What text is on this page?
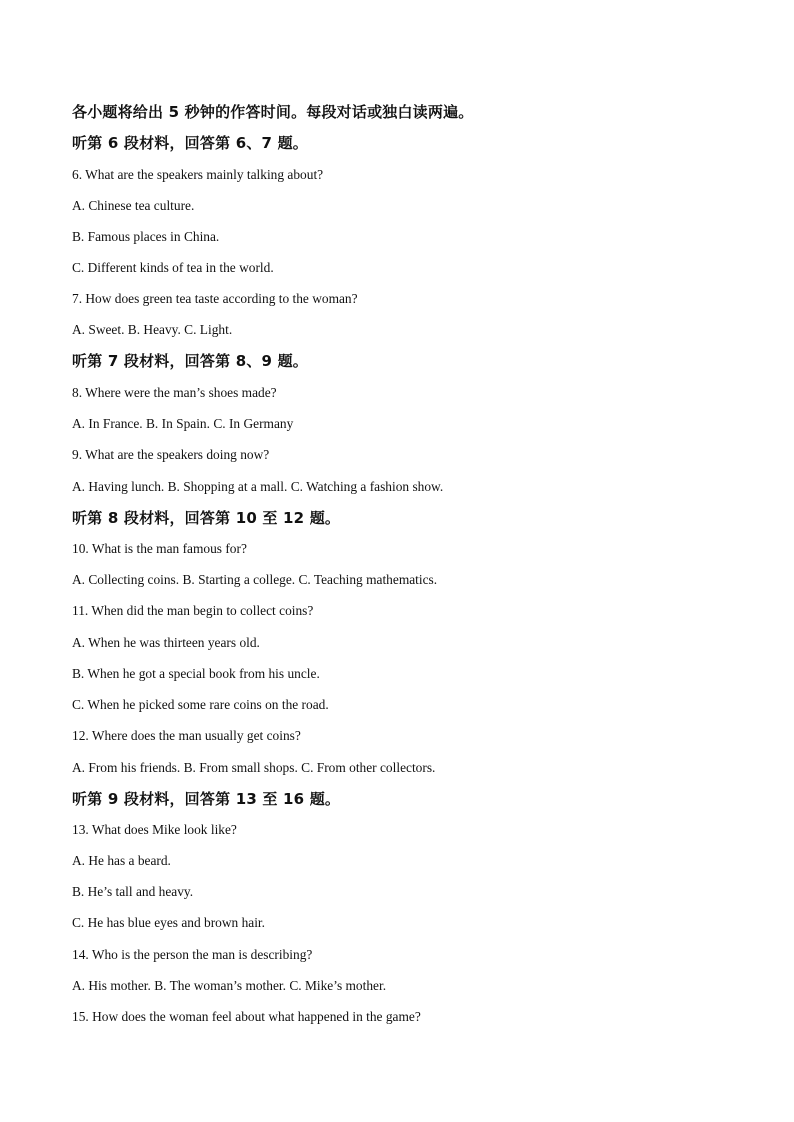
各小题将给出 5 秒钟的作答时间。每段对话或独白读两遍。
听第 6 段材料，回答第 6、7 题。
6. What are the speakers mainly talking about?
A. Chinese tea culture.
B. Famous places in China.
C. Different kinds of tea in the world.
7. How does green tea taste according to the woman?
A. Sweet. B. Heavy. C. Light.
听第 7 段材料，回答第 8、9 题。
8. Where were the man’s shoes made?
A. In France. B. In Spain. C. In Germany
9. What are the speakers doing now?
A. Having lunch. B. Shopping at a mall. C. Watching a fashion show.
听第 8 段材料，回答第 10 至 12 题。
10. What is the man famous for?
A. Collecting coins. B. Starting a college. C. Teaching mathematics.
11. When did the man begin to collect coins?
A. When he was thirteen years old.
B. When he got a special book from his uncle.
C. When he picked some rare coins on the road.
12. Where does the man usually get coins?
A. From his friends. B. From small shops. C. From other collectors.
听第 9 段材料，回答第 13 至 16 题。
13. What does Mike look like?
A. He has a beard.
B. He’s tall and heavy.
C. He has blue eyes and brown hair.
14. Who is the person the man is describing?
A. His mother. B. The woman’s mother. C. Mike’s mother.
15. How does the woman feel about what happened in the game?
